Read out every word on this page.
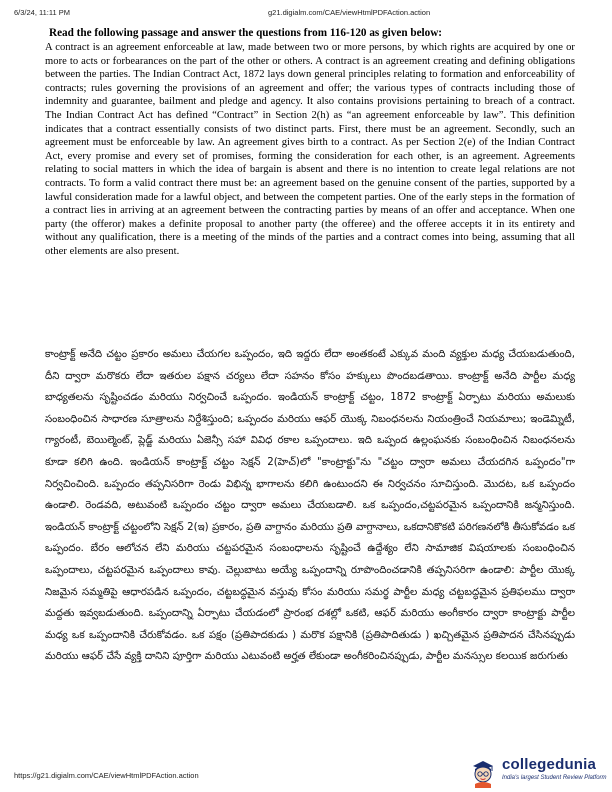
6/3/24, 11:11 PM	g21.digialm.com/CAE/viewHtmlPDFAction.action

Read the following passage and answer the questions from 116-120 as given below:

A contract is an agreement enforceable at law, made between two or more persons, by which rights are acquired by one or more to acts or forbearances on the part of the other or others. A contract is an agreement creating and defining obligations between the parties. The Indian Contract Act, 1872 lays down general principles relating to formation and enforceability of contracts; rules governing the provisions of an agreement and offer; the various types of contracts including those of indemnity and guarantee, bailment and pledge and agency. It also contains provisions pertaining to breach of a contract. The Indian Contract Act has defined “Contract” in Section 2(h) as “an agreement enforceable by law”. This definition indicates that a contract essentially consists of two distinct parts. First, there must be an agreement. Secondly, such an agreement must be enforceable by law. An agreement gives birth to a contract. As per Section 2(e) of the Indian Contract Act, every promise and every set of promises, forming the consideration for each other, is an agreement. Agreements relating to social matters in which the idea of bargain is absent and there is no intention to create legal relations are not contracts. To form a valid contract there must be: an agreement based on the genuine consent of the parties, supported by a lawful consideration made for a lawful object, and between the competent parties. One of the early steps in the formation of a contract lies in arriving at an agreement between the contracting parties by means of an offer and acceptance. When one party (the offeror) makes a definite proposal to another party (the offeree) and the offeree accepts it in its entirety and without any qualification, there is a meeting of the minds of the parties and a contract comes into being, assuming that all other elements are also present.

కాంట్రాక్ట్ అనేది చట్టం ప్రకారం అమలు చేయగల ఒప్పందం, ఇది ఇద్దరు లేదా అంతకంటే ఎక్కువ మంది వ్యక్తుల మధ్య చేయబడుతుంది, దీని ద్వారా మరొకరు లేదా ఇతరుల పక్షాన చర్యలు లేదా సహనం కోసం హక్కులు పొందబడతాయి. కాంట్రాక్ట్ అనేది పార్టీల మధ్య బాధ్యతలను సృష్టించడం మరియు నిర్వచించే ఒప్పందం. ఇండియన్ కాంట్రాక్ట్ చట్టం, 1872 కాంట్రాక్ట్ ఏర్పాటు మరియు అమలుకు సంబంధించిన సాధారణ సూత్రాలను నిర్దేశిస్తుంది; ఒప్పందం మరియు ఆఫర్ యొక్క నిబంధనలను నియంత్రించే నియమాలు; ఇండెమ్నిటీ, గ్యారంటీ, బెయిల్మెంట్, ప్లెడ్జ్ మరియు ఏజెన్సీ సహా వివిధ రకాల ఒప్పందాలు. ఇది ఒప్పంద ఉల్లంఘనకు సంబంధించిన నిబంధనలను కూడా కలిగి ఉంది. ఇండియన్ కాంట్రాక్ట్ చట్టం సెక్షన్ 2(హెచ్)లో "కాంట్రాక్టు"ను "చట్టం ద్వారా అమలు చేయదగిన ఒప్పందం"గా నిర్వచించింది. ఒప్పందం తప్పనిసరిగా రెండు విభిన్న భాగాలను కలిగి ఉంటుందని ఈ నిర్వచనం సూచిస్తుంది. మొదట, ఒక ఒప్పందం ఉండాలి. రెండవది, అటువంటి ఒప్పందం చట్టం ద్వారా అమలు చేయబడాలి. ఒక ఒప్పందం,చట్టపరమైన ఒప్పందానికి జన్మనిస్తుంది. ఇండియన్ కాంట్రాక్ట్ చట్టంలోని సెక్షన్ 2(ఇ) ప్రకారం, ప్రతి వాగ్దానం మరియు ప్రతి వాగ్దానాలు, ఒకదానికొకటి పరిగణనలోకి తీసుకోవడం ఒక ఒప్పందం. బేరం ఆలోచన లేని మరియు చట్టపరమైన సంబంధాలను సృష్టించే ఉద్దేశ్యం లేని సామాజిక విషయాలకు సంబంధించిన ఒప్పందాలు, చట్టపరమైన ఒప్పందాలు కావు. చెల్లుబాటు అయ్యే ఒప్పందాన్ని రూపొందించడానికి తప్పనిసరిగా ఉండాలి: పార్టీల యొక్క నిజమైన సమ్మతిపై ఆధారపడిన ఒప్పందం, చట్టబద్ధమైన వస్తువు కోసం మరియు సమర్థ పార్టీల మధ్య చట్టబద్ధమైన ప్రతిఫలము ద్వారా మద్దతు ఇవ్వబడుతుంది. ఒప్పందాన్ని ఏర్పాటు చేయడంలో ప్రారంభ దశల్లో ఒకటి, ఆఫర్ మరియు అంగీకారం ద్వారా కాంట్రాక్టు పార్టీల మధ్య ఒక ఒప్పందానికి చేరుకోవడం. ఒక పక్షం (ప్రతిపాదకుడు ) మరొక పక్షానికి (ప్రతిపాదితుడు ) ఖచ్చితమైన ప్రతిపాదన చేసినప్పుడు మరియు ఆఫర్ చేసే వ్యక్తి దానిని పూర్తిగా మరియు ఎటువంటి అర్హత లేకుండా అంగీకరించినప్పుడు, పార్టీల మనస్సుల కలయిక జరుగుతు

https://g21.digialm.com/CAE/viewHtmlPDFAction.action
collegedunia
India's largest Student Review Platform
